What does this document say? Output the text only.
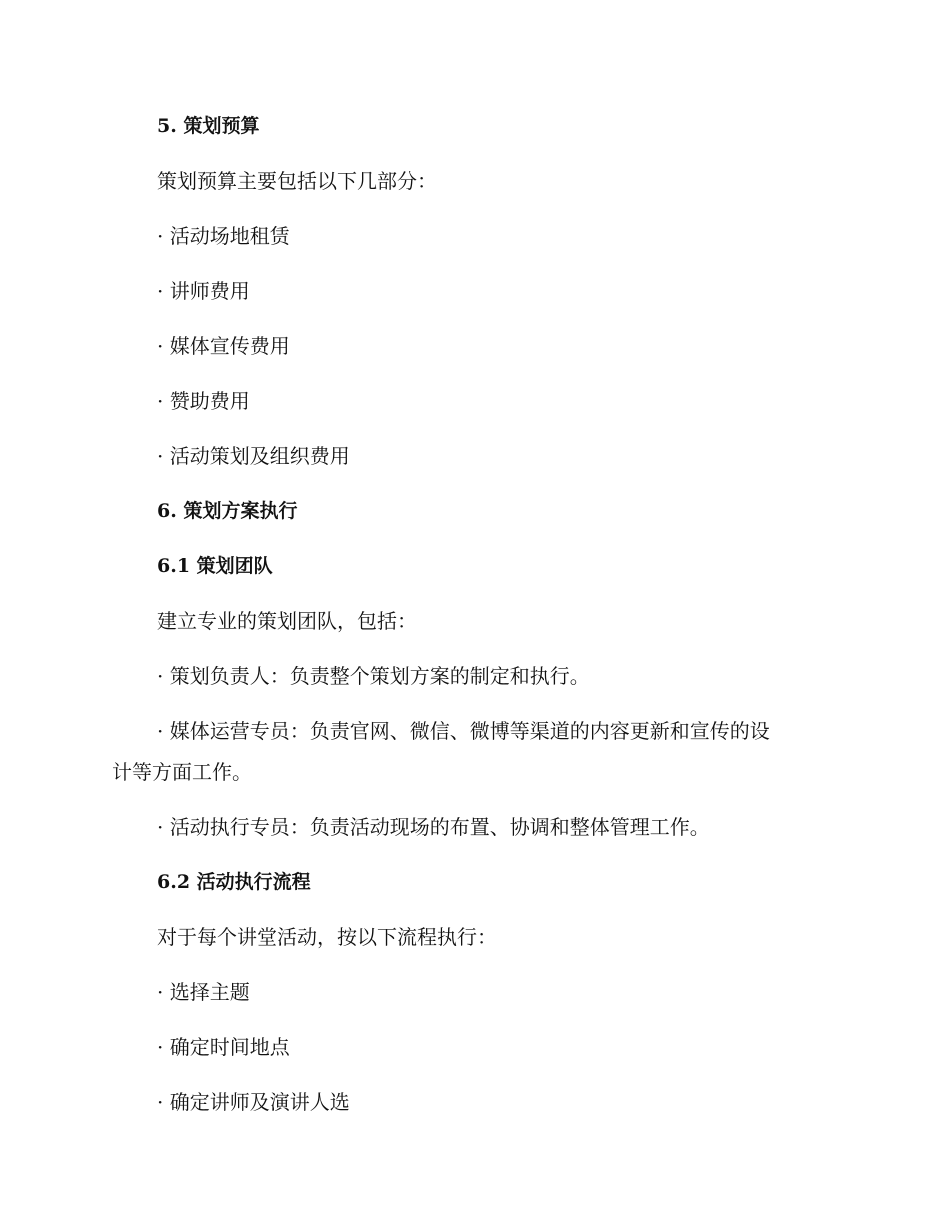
5. 策划预算
策划预算主要包括以下几部分：
· 活动场地租赁
· 讲师费用
· 媒体宣传费用
· 赞助费用
· 活动策划及组织费用
6. 策划方案执行
6.1 策划团队
建立专业的策划团队，包括：
· 策划负责人：负责整个策划方案的制定和执行。
· 媒体运营专员：负责官网、微信、微博等渠道的内容更新和宣传的设
计等方面工作。
· 活动执行专员：负责活动现场的布置、协调和整体管理工作。
6.2 活动执行流程
对于每个讲堂活动，按以下流程执行：
· 选择主题
· 确定时间地点
· 确定讲师及演讲人选
